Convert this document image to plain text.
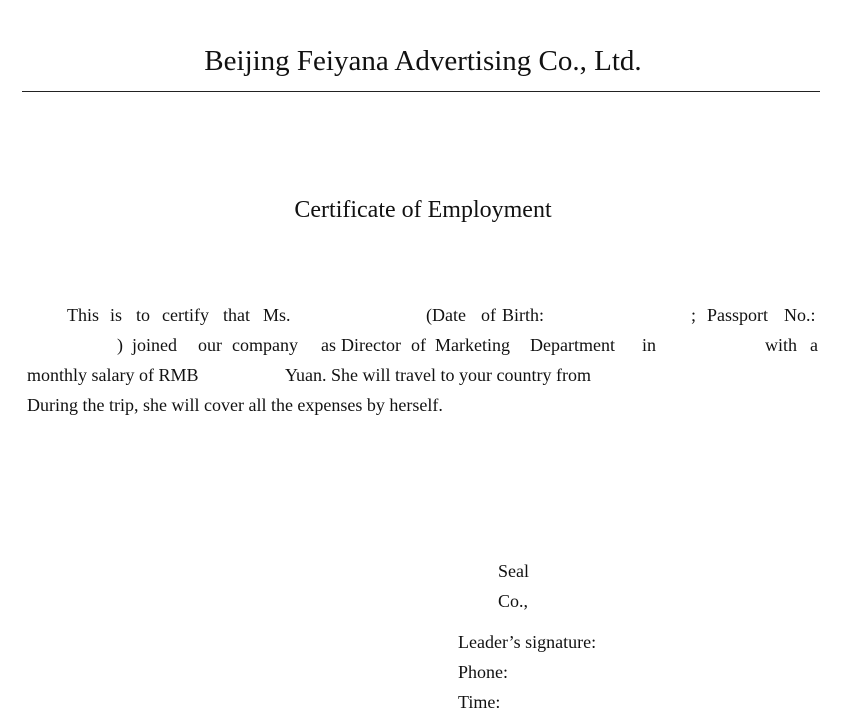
Beijing Feiyana Advertising Co., Ltd.
Certificate of Employment
This is to certify that Ms.	(Date of Birth:	; Passport No.:
) joined our company as Director of Marketing Department in	with a
monthly salary of RMB	Yuan. She will travel to your country from
During the trip, she will cover all the expenses by herself.
Seal
Co.,
Leader’s signature:
Phone:
Time:
